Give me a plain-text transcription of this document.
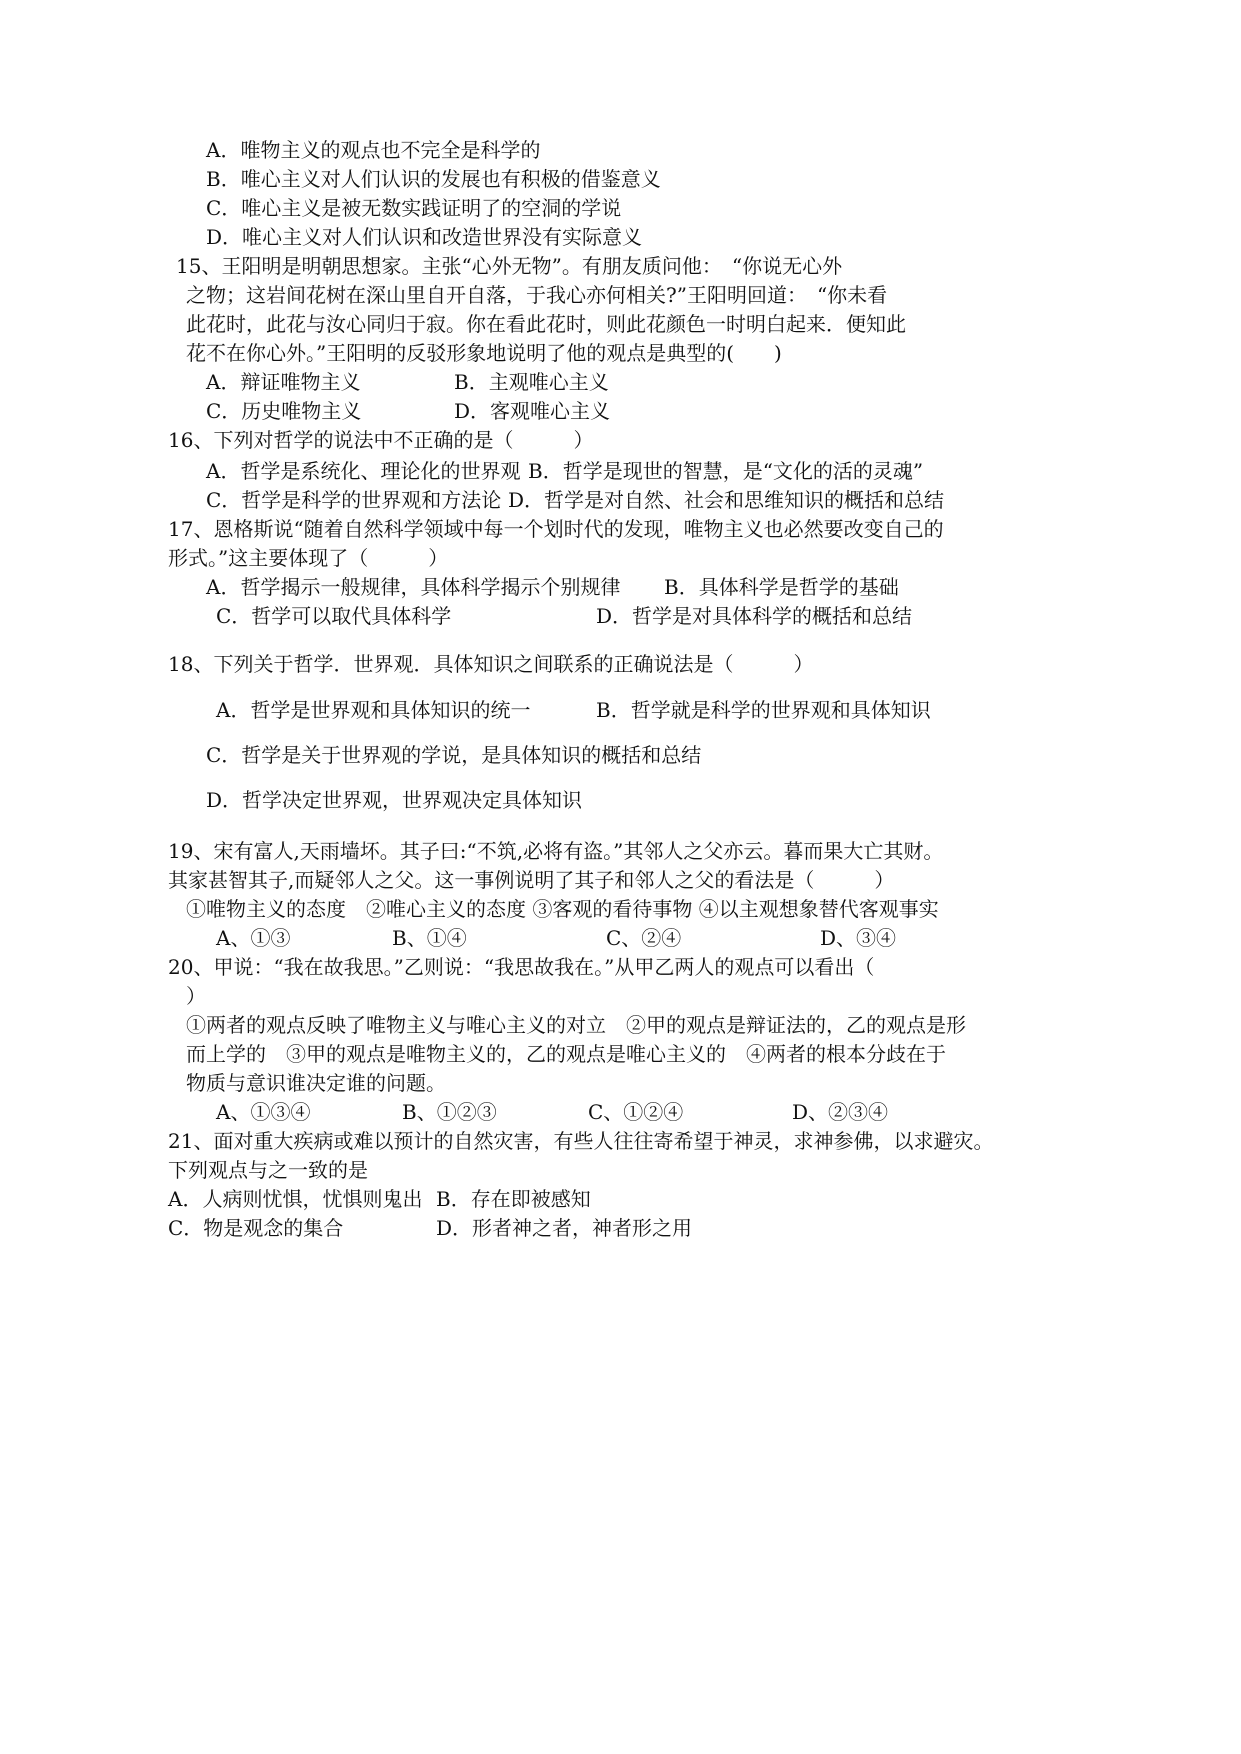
A．唯物主义的观点也不完全是科学的
B．唯心主义对人们认识的发展也有积极的借鉴意义
C．唯心主义是被无数实践证明了的空洞的学说
D．唯心主义对人们认识和改造世界没有实际意义
15、王阳明是明朝思想家。主张“心外无物”。有朋友质问他：　“你说无心外
之物；这岩间花树在深山里自开自落，于我心亦何相关?”王阳明回道：　“你未看
此花时，此花与汝心同归于寂。你在看此花时，则此花颜色一时明白起来．便知此
花不在你心外。”王阳明的反驳形象地说明了他的观点是典型的(　　)
A．辩证唯物主义	B．主观唯心主义
C．历史唯物主义	D．客观唯心主义
16、下列对哲学的说法中不正确的是（　　　）
A．哲学是系统化、理论化的世界观 B．哲学是现世的智慧，是“文化的活的灵魂”
C．哲学是科学的世界观和方法论 D．哲学是对自然、社会和思维知识的概括和总结
17、恩格斯说“随着自然科学领域中每一个划时代的发现，唯物主义也必然要改变自己的
形式。”这主要体现了（　　　）
A．哲学揭示一般规律，具体科学揭示个别规律 B．具体科学是哲学的基础
C．哲学可以取代具体科学	D．哲学是对具体科学的概括和总结
18、下列关于哲学．世界观．具体知识之间联系的正确说法是（　　　）
A．哲学是世界观和具体知识的统一	B．哲学就是科学的世界观和具体知识
C．哲学是关于世界观的学说，是具体知识的概括和总结
D．哲学决定世界观，世界观决定具体知识
19、宋有富人,天雨墙坏。其子曰:“不筑,必将有盗。”其邻人之父亦云。暮而果大亡其财。
其家甚智其子,而疑邻人之父。这一事例说明了其子和邻人之父的看法是（　　　）
①唯物主义的态度　②唯心主义的态度 ③客观的看待事物 ④以主观想象替代客观事实
A、①③	B、①④	C、②④	D、③④
20、甲说：“我在故我思。”乙则说：“我思故我在。”从甲乙两人的观点可以看出（
）
①两者的观点反映了唯物主义与唯心主义的对立　②甲的观点是辩证法的，乙的观点是形
而上学的　③甲的观点是唯物主义的，乙的观点是唯心主义的　④两者的根本分歧在于
物质与意识谁决定谁的问题。
A、①③④	B、①②③	C、①②④	D、②③④
21、面对重大疾病或难以预计的自然灾害，有些人往往寄希望于神灵，求神参佛，以求避灾。
下列观点与之一致的是
A．人病则忧惧，忧惧则鬼出 B．存在即被感知
C．物是观念的集合	D．形者神之者，神者形之用
